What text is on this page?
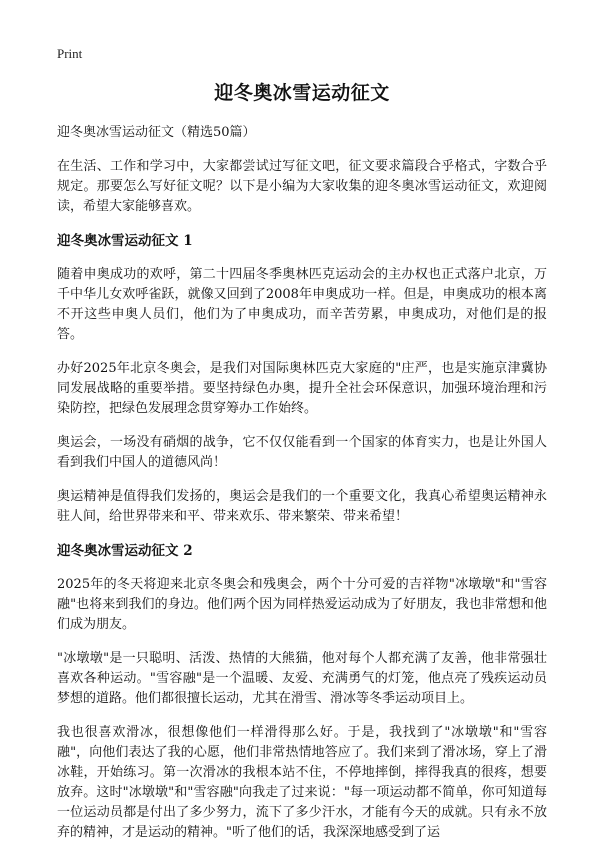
Print
迎冬奥冰雪运动征文
迎冬奥冰雪运动征文（精选50篇）

在生活、工作和学习中，大家都尝试过写征文吧，征文要求篇段合乎格式，字数合乎规定。那要怎么写好征文呢？以下是小编为大家收集的迎冬奥冰雪运动征文，欢迎阅读，希望大家能够喜欢。

迎冬奥冰雪运动征文 1

随着申奥成功的欢呼，第二十四届冬季奥林匹克运动会的主办权也正式落户北京，万千中华儿女欢呼雀跃，就像又回到了2008年申奥成功一样。但是，申奥成功的根本离不开这些申奥人员们，他们为了申奥成功，而辛苦劳累，申奥成功，对他们是的报答。

办好2025年北京冬奥会，是我们对国际奥林匹克大家庭的"庄严，也是实施京津冀协同发展战略的重要举措。要坚持绿色办奥，提升全社会环保意识，加强环境治理和污染防控，把绿色发展理念贯穿筹办工作始终。

奥运会，一场没有硝烟的战争，它不仅仅能看到一个国家的体育实力，也是让外国人看到我们中国人的道德风尚！

奥运精神是值得我们发扬的，奥运会是我们的一个重要文化，我真心希望奥运精神永驻人间，给世界带来和平、带来欢乐、带来繁荣、带来希望！

迎冬奥冰雪运动征文 2

2025年的冬天将迎来北京冬奥会和残奥会，两个十分可爱的吉祥物"冰墩墩"和"雪容融"也将来到我们的身边。他们两个因为同样热爱运动成为了好朋友，我也非常想和他们成为朋友。

"冰墩墩"是一只聪明、活泼、热情的大熊猫，他对每个人都充满了友善，他非常强壮喜欢各种运动。"雪容融"是一个温暖、友爱、充满勇气的灯笼，他点亮了残疾运动员梦想的道路。他们都很擅长运动，尤其在滑雪、滑冰等冬季运动项目上。

我也很喜欢滑冰，很想像他们一样滑得那么好。于是，我找到了"冰墩墩"和"雪容融"，向他们表达了我的心愿，他们非常热情地答应了。我们来到了滑冰场，穿上了滑冰鞋，开始练习。第一次滑冰的我根本站不住，不停地摔倒，摔得我真的很疼，想要放弃。这时"冰墩墩"和"雪容融"向我走了过来说："每一项运动都不简单，你可知道每一位运动员都是付出了多少努力，流下了多少汗水，才能有今天的成就。只有永不放弃的精神，才是运动的精神。"听了他们的话，我深深地感受到了运
